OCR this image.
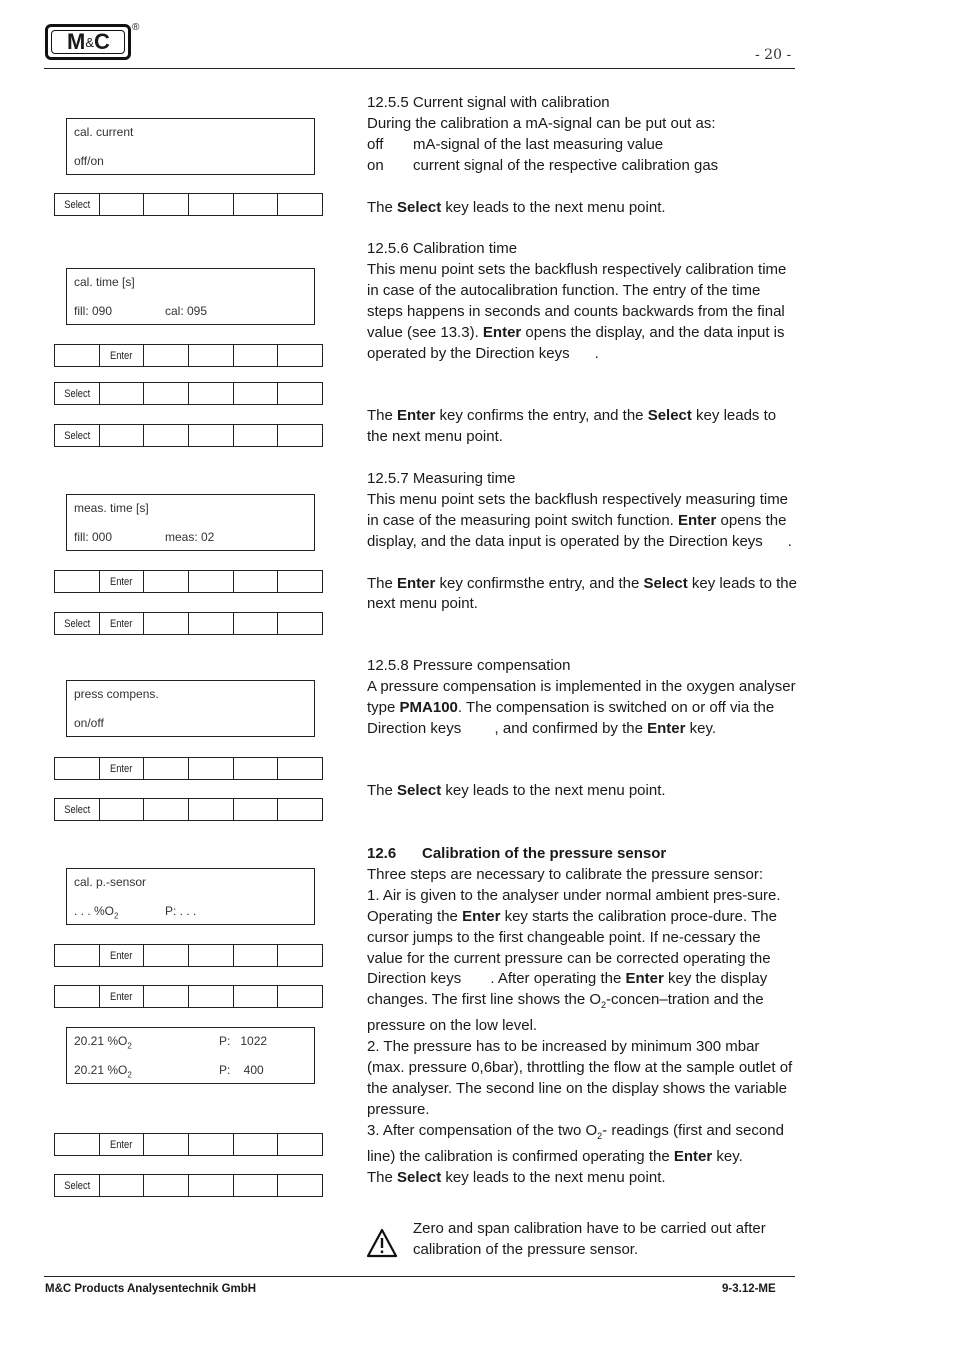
M & C
®
- 20 -
cal. current
off/on
Select
cal. time [s]
fill: 090	cal: 095
Enter
Select
Select
meas. time [s]
fill: 000	meas: 02
Enter
Select Enter
press compens.
on/off
Enter
Select
cal. p.-sensor
. . . $\%O_2$	P: . . .
Enter
Enter
20.21 $\%O_2$	P:   1022
20.21 $\%O_2$	P:    400
Enter
Select

12.5.5 Current signal with calibration

During the calibration a mA-signal can be put out as:

off mA-signal of the last measuring value

on current signal of the respective calibration gas

The Select key leads to the next menu point.

12.5.6 Calibration time

This menu point sets the backflush respectively calibration time in case of the autocalibration function. The entry of the time steps happens in seconds and counts backwards from the final value (see 13.3). Enter opens the display, and the data input is operated by the Direction keys      .

The Enter key confirms the entry, and the Select key leads to the next menu point.

12.5.7 Measuring time

This menu point sets the backflush respectively measuring time in case of the measuring point switch function. Enter opens the display, and the data input is operated by the Direction keys      .

The Enter key confirmsthe entry, and the Select key leads to the next menu point.

12.5.8 Pressure compensation

A pressure compensation is implemented in the oxygen analyser type PMA100. The compensation is switched on or off via the Direction keys        , and confirmed by the Enter key.

The Select key leads to the next menu point.

12.6 Calibration of the pressure sensor

Three steps are necessary to calibrate the pressure sensor:

1. Air is given to the analyser under normal ambient pres-sure. Operating the Enter key starts the calibration proce-dure. The cursor jumps to the first changeable point. If ne-cessary the value for the current pressure can be corrected operating the Direction keys       . After operating the Enter key the display changes. The first line shows the $O_2-concen$–tration and the pressure on the low level.

2. The pressure has to be increased by minimum 300 mbar (max. pressure 0,6bar), throttling the flow at the sample outlet of the analyser. The second line on the display shows the variable pressure.

3. After compensation of the two $O_2-$ readings (first and second line) the calibration is confirmed operating the Enter key.

The Select key leads to the next menu point.

Zero and span calibration have to be carried out after calibration of the pressure sensor.
M&C Products Analysentechnik GmbH	9-3.12-ME
